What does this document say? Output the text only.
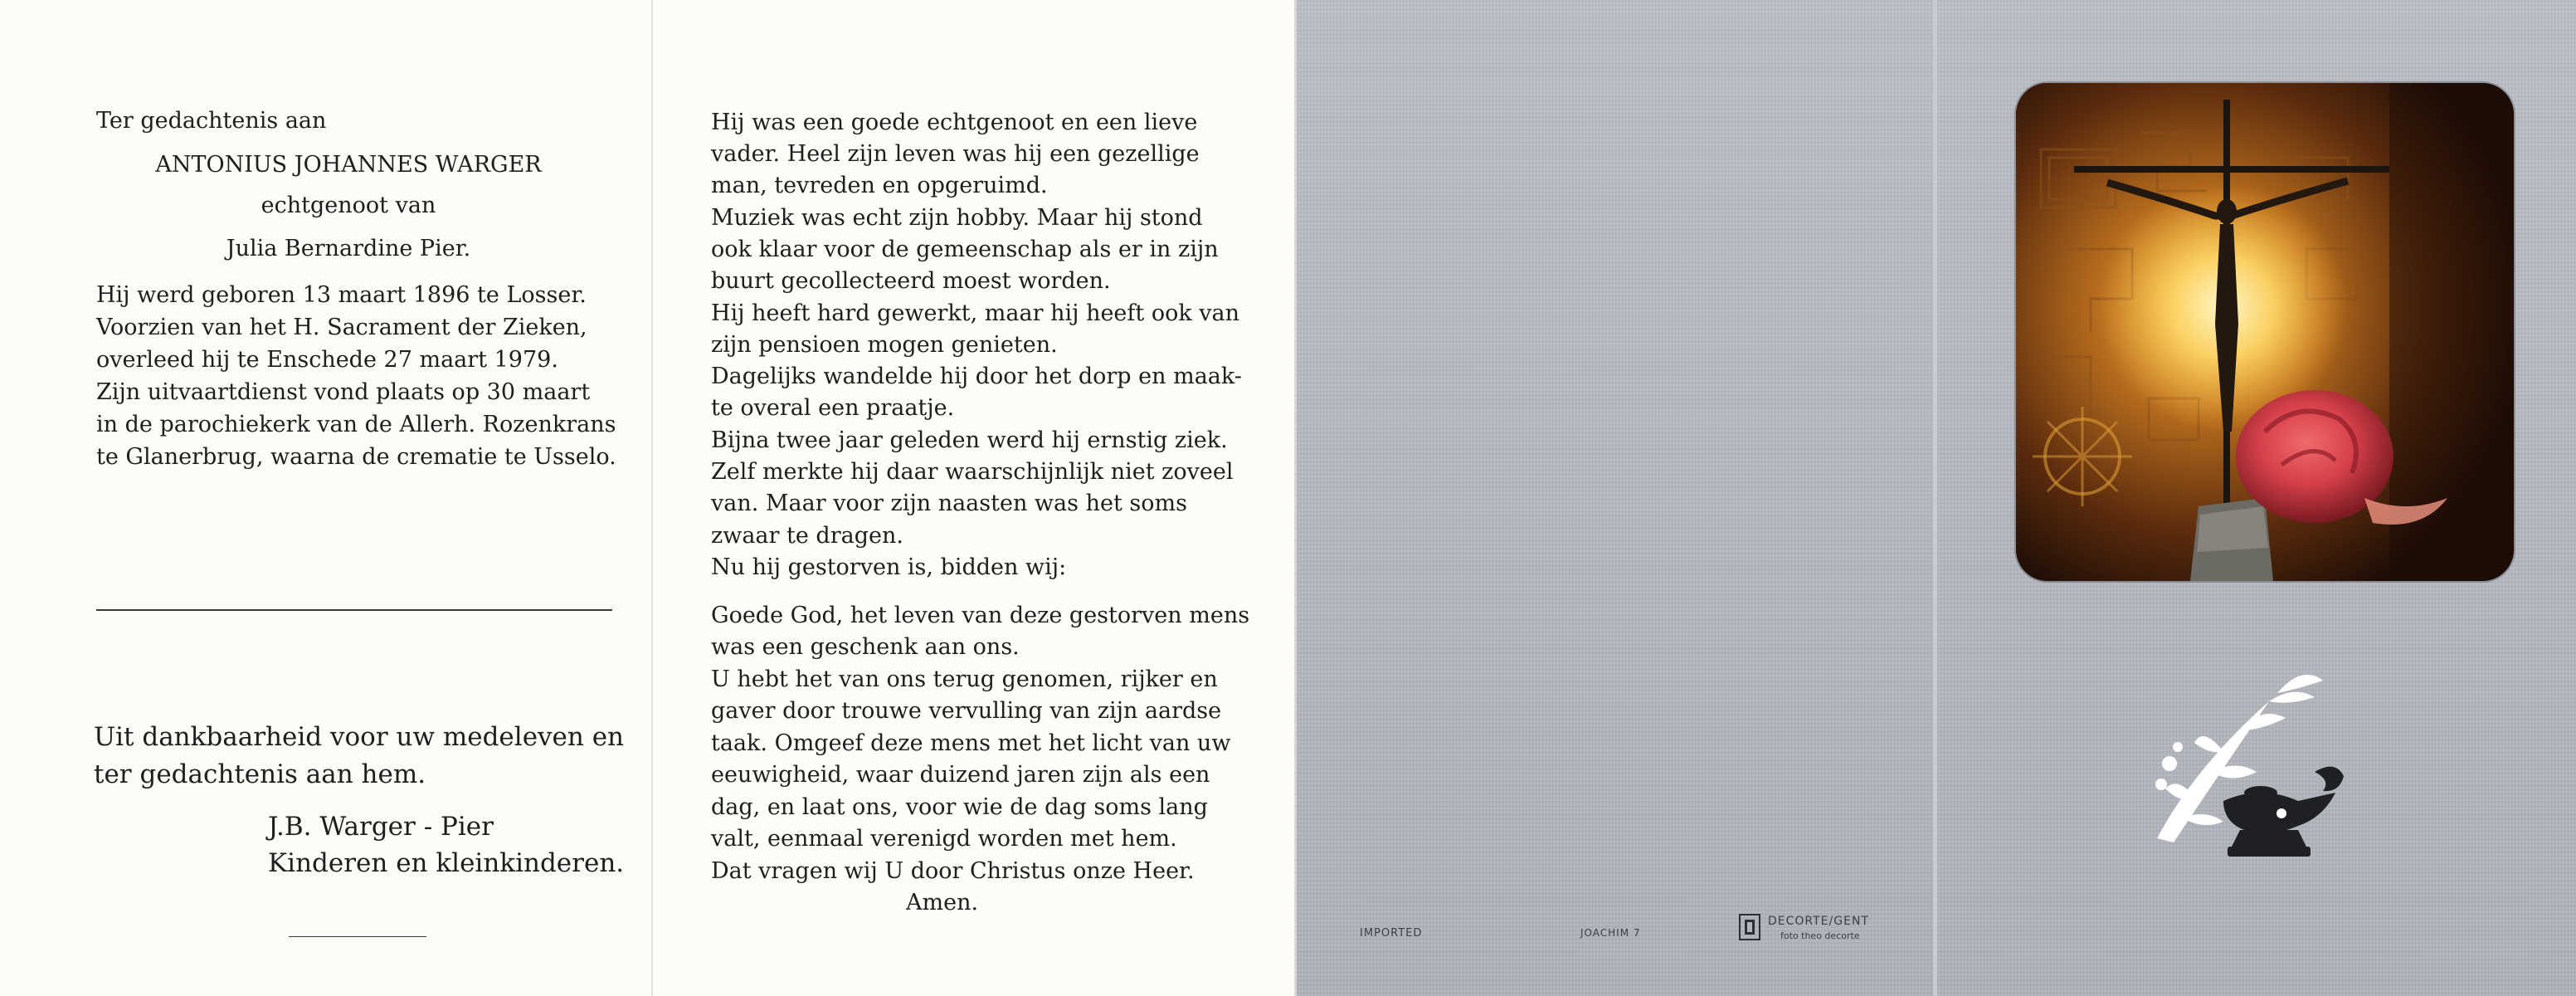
Ter gedachtenis aan
ANTONIUS JOHANNES WARGER
echtgenoot van
Julia Bernardine Pier.
Hij werd geboren 13 maart 1896 te Losser.
Voorzien van het H. Sacrament der Zieken,
overleed hij te Enschede 27 maart 1979.
Zijn uitvaartdienst vond plaats op 30 maart
in de parochiekerk van de Allerh. Rozenkrans
te Glanerbrug, waarna de crematie te Usselo.
Uit dankbaarheid voor uw medeleven en
ter gedachtenis aan hem.
J.B. Warger - Pier
Kinderen en kleinkinderen.
Hij was een goede echtgenoot en een lieve
vader. Heel zijn leven was hij een gezellige
man, tevreden en opgeruimd.
Muziek was echt zijn hobby. Maar hij stond
ook klaar voor de gemeenschap als er in zijn
buurt gecollecteerd moest worden.
Hij heeft hard gewerkt, maar hij heeft ook van
zijn pensioen mogen genieten.
Dagelijks wandelde hij door het dorp en maak-
te overal een praatje.
Bijna twee jaar geleden werd hij ernstig ziek.
Zelf merkte hij daar waarschijnlijk niet zoveel
van. Maar voor zijn naasten was het soms
zwaar te dragen.
Nu hij gestorven is, bidden wij:
Goede God, het leven van deze gestorven mens
was een geschenk aan ons.
U hebt het van ons terug genomen, rijker en
gaver door trouwe vervulling van zijn aardse
taak. Omgeef deze mens met het licht van uw
eeuwigheid, waar duizend jaren zijn als een
dag, en laat ons, voor wie de dag soms lang
valt, eenmaal verenigd worden met hem.
Dat vragen wij U door Christus onze Heer.
Amen.
IMPORTED	JOACHIM 7
DECORTE/GENT
foto theo decorte
